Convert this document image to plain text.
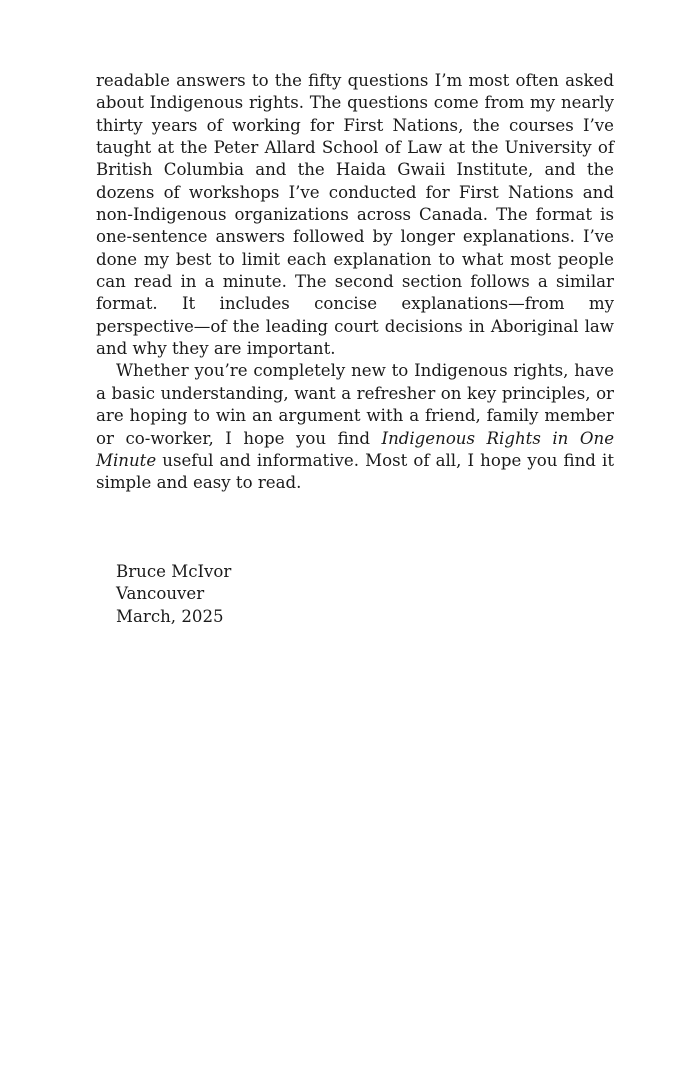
readable answers to the fifty questions I’m most often asked about Indigenous rights. The questions come from my nearly thirty years of working for First Nations, the courses I’ve taught at the Peter Allard School of Law at the University of British Columbia and the Haida Gwaii Institute, and the dozens of workshops I’ve conducted for First Nations and non-Indigenous organizations across Canada. The format is one-sentence answers followed by longer explanations. I’ve done my best to limit each explanation to what most people can read in a minute. The second section follows a similar format. It includes concise explanations—from my perspective—of the leading court decisions in Aboriginal law and why they are important.

Whether you’re completely new to Indigenous rights, have a basic understanding, want a refresher on key principles, or are hoping to win an argument with a friend, family member or co-worker, I hope you find Indigenous Rights in One Minute useful and informative. Most of all, I hope you find it simple and easy to read.

Bruce McIvor
Vancouver
March, 2025
